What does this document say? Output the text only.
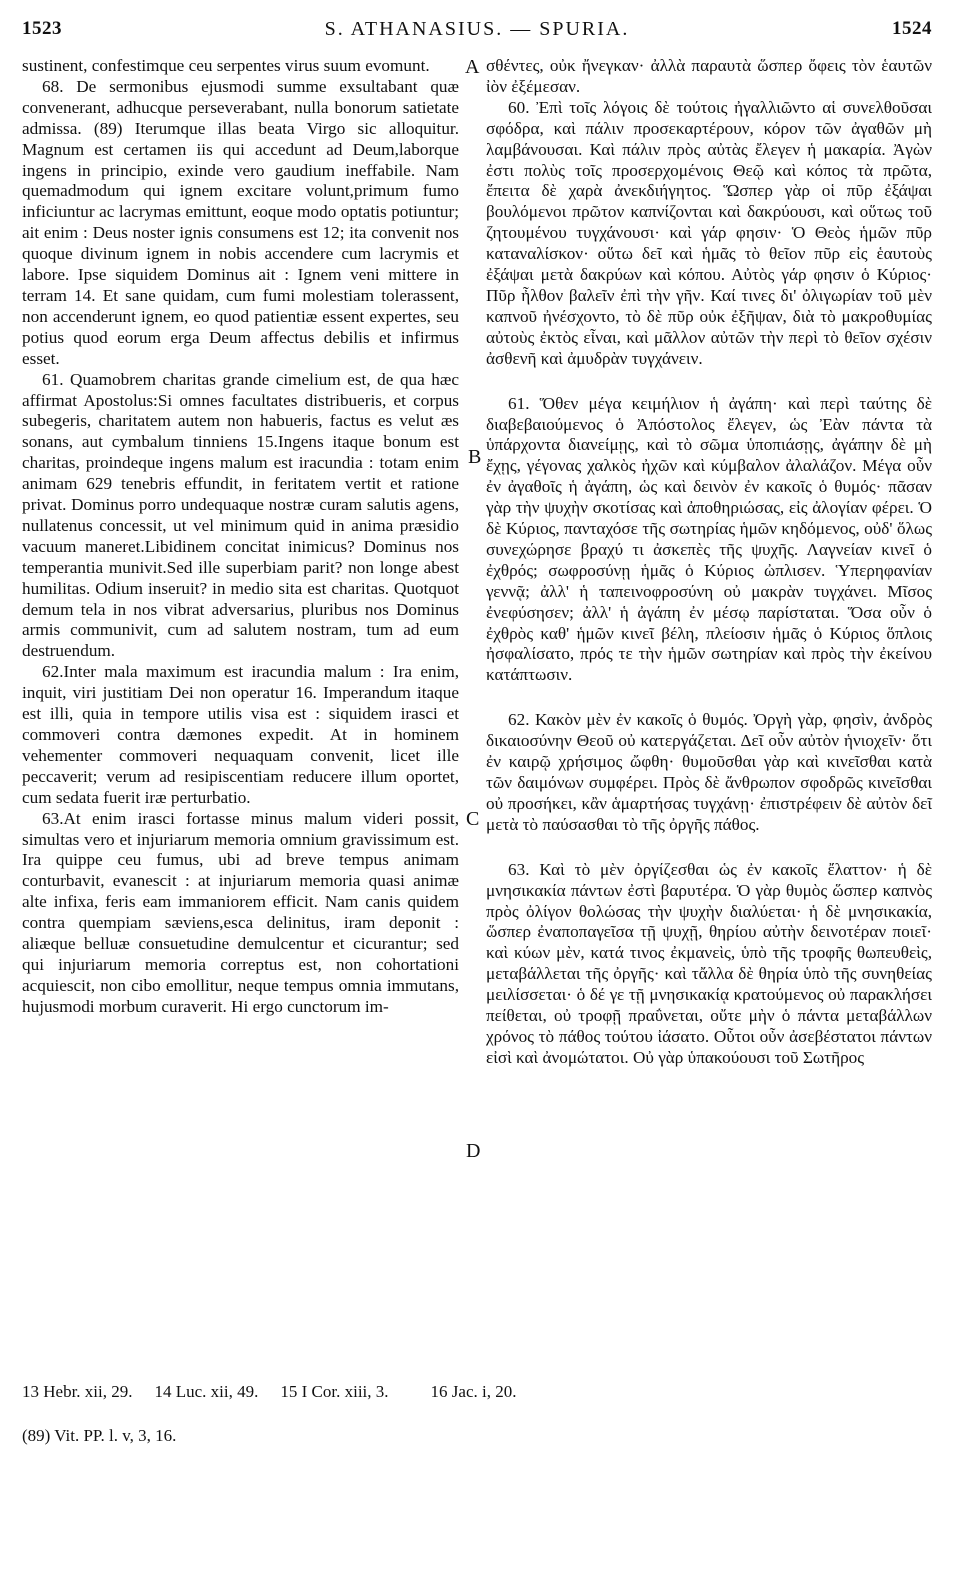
1523	S. ATHANASIUS. — SPURIA.	1524

sustinent, confestimque ceu serpentes virus suum evomunt.

68. De sermonibus ejusmodi summe exsultabant quæ convenerant, adhucque perseverabant, nulla bonorum satietate admissa. (89) Iterumque illas beata Virgo sic alloquitur. Magnum est certamen iis qui accedunt ad Deum,laborque ingens in principio, exinde vero gaudium ineffabile. Nam quemadmodum qui ignem excitare volunt,primum fumo inficiuntur ac lacrymas emittunt, eoque modo optatis potiuntur; ait enim : Deus noster ignis consumens est 12; ita convenit nos quoque divinum ignem in nobis accendere cum lacrymis et labore. Ipse siquidem Dominus ait : Ignem veni mittere in terram 14. Et sane quidam, cum fumi molestiam tolerassent, non accenderunt ignem, eo quod patientiæ essent expertes, seu potius quod eorum erga Deum affectus debilis et infirmus esset.

61. Quamobrem charitas grande cimelium est, de qua hæc affirmat Apostolus:Si omnes facultates distribueris, et corpus subegeris, charitatem autem non habueris, factus es velut æs sonans, aut cymbalum tinniens 15.Ingens itaque bonum est charitas, proindeque ingens malum est iracundia : totam enim animam 629 tenebris effundit, in feritatem vertit et ratione privat. Dominus porro undequaque nostræ curam salutis agens, nullatenus concessit, ut vel minimum quid in anima præsidio vacuum maneret.Libidinem concitat inimicus? Dominus nos temperantia munivit.Sed ille superbiam parit? non longe abest humilitas. Odium inseruit? in medio sita est charitas. Quotquot demum tela in nos vibrat adversarius, pluribus nos Dominus armis communivit, cum ad salutem nostram, tum ad eum destruendum.

62.Inter mala maximum est iracundia malum : Ira enim, inquit, viri justitiam Dei non operatur 16. Imperandum itaque est illi, quia in tempore utilis visa est : siquidem irasci et commoveri contra dæmones expedit. At in hominem vehementer commoveri nequaquam convenit, licet ille peccaverit; verum ad resipiscentiam reducere illum oportet, cum sedata fuerit iræ perturbatio.

63.At enim irasci fortasse minus malum videri possit, simultas vero et injuriarum memoria omnium gravissimum est. Ira quippe ceu fumus, ubi ad breve tempus animam conturbavit, evanescit : at injuriarum memoria quasi animæ alte infixa, feris eam immaniorem efficit. Nam canis quidem contra quempiam sæviens,esca delinitus, iram deponit : aliæque belluæ consuetudine demulcentur et cicurantur; sed qui injuriarum memoria correptus est, non cohortationi acquiescit, non cibo emollitur, neque tempus omnia immutans, hujusmodi morbum curaverit. Hi ergo cunctorum im-

A
B
C
D

σθέντες, οὐκ ἤνεγκαν· ἀλλὰ παραυτὰ ὥσπερ ὄφεις τὸν ἑαυτῶν ἰὸν ἐξέμεσαν.

60. Ἐπὶ τοῖς λόγοις δὲ τούτοις ἠγαλλιῶντο αἱ συνελθοῦσαι σφόδρα, καὶ πάλιν προσεκαρτέρουν, κόρον τῶν ἀγαθῶν μὴ λαμβάνουσαι. Καὶ πάλιν πρὸς αὐτὰς ἔλεγεν ἡ μακαρία. Ἀγὼν ἐστι πολὺς τοῖς προσερχομένοις Θεῷ καὶ κόπος τὰ πρῶτα, ἔπειτα δὲ χαρὰ ἀνεκδιήγητος. Ὥσπερ γὰρ οἱ πῦρ ἐξάψαι βουλόμενοι πρῶτον καπνίζονται καὶ δακρύουσι, καὶ οὕτως τοῦ ζητουμένου τυγχάνουσι· καὶ γάρ φησιν· Ὁ Θεὸς ἡμῶν πῦρ καταναλίσκον· οὕτω δεῖ καὶ ἡμᾶς τὸ θεῖον πῦρ εἰς ἑαυτοὺς ἐξάψαι μετὰ δακρύων καὶ κόπου. Αὐτὸς γάρ φησιν ὁ Κύριος· Πῦρ ἦλθον βαλεῖν ἐπὶ τὴν γῆν. Καί τινες δι' ὀλιγωρίαν τοῦ μὲν καπνοῦ ἠνέσχοντο, τὸ δὲ πῦρ οὐκ ἐξῆψαν, διὰ τὸ μακροθυμίας αὐτοὺς ἐκτὸς εἶναι, καὶ μᾶλλον αὐτῶν τὴν περὶ τὸ θεῖον σχέσιν ἀσθενῆ καὶ ἀμυδρὰν τυγχάνειν.

61. Ὅθεν μέγα κειμήλιον ἡ ἀγάπη· καὶ περὶ ταύτης δὲ διαβεβαιούμενος ὁ Ἀπόστολος ἔλεγεν, ὡς Ἐὰν πάντα τὰ ὑπάρχοντα διανείμῃς, καὶ τὸ σῶμα ὑποπιάσῃς, ἀγάπην δὲ μὴ ἔχῃς, γέγονας χαλκὸς ἠχῶν καὶ κύμβαλον ἀλαλάζον. Μέγα οὖν ἐν ἀγαθοῖς ἡ ἀγάπη, ὡς καὶ δεινὸν ἐν κακοῖς ὁ θυμός· πᾶσαν γὰρ τὴν ψυχὴν σκοτίσας καὶ ἀποθηριώσας, εἰς ἀλογίαν φέρει. Ὁ δὲ Κύριος, πανταχόσε τῆς σωτηρίας ἡμῶν κηδόμενος, οὐδ' ὅλως συνεχώρησε βραχύ τι ἀσκεπὲς τῆς ψυχῆς. Λαγνείαν κινεῖ ὁ ἐχθρός; σωφροσύνῃ ἡμᾶς ὁ Κύριος ὠπλισεν. Ὑπερηφανίαν γεννᾷ; ἀλλ' ἡ ταπεινοφροσύνη οὐ μακρὰν τυγχάνει. Μῖσος ἐνεφύσησεν; ἀλλ' ἡ ἀγάπη ἐν μέσῳ παρίσταται. Ὅσα οὖν ὁ ἐχθρὸς καθ' ἡμῶν κινεῖ βέλη, πλείοσιν ἡμᾶς ὁ Κύριος ὅπλοις ἠσφαλίσατο, πρός τε τὴν ἡμῶν σωτηρίαν καὶ πρὸς τὴν ἐκείνου κατάπτωσιν.

62. Κακὸν μὲν ἐν κακοῖς ὁ θυμός. Ὀργὴ γὰρ, φησὶν, ἀνδρὸς δικαιοσύνην Θεοῦ οὐ κατεργάζεται. Δεῖ οὖν αὐτὸν ἡνιοχεῖν· ὅτι ἐν καιρῷ χρήσιμος ὤφθη· θυμοῦσθαι γὰρ καὶ κινεῖσθαι κατὰ τῶν δαιμόνων συμφέρει. Πρὸς δὲ ἄνθρωπον σφοδρῶς κινεῖσθαι οὐ προσήκει, κἂν ἁμαρτήσας τυγχάνῃ· ἐπιστρέφειν δὲ αὐτὸν δεῖ μετὰ τὸ παύσασθαι τὸ τῆς ὀργῆς πάθος.

63. Καὶ τὸ μὲν ὀργίζεσθαι ὡς ἐν κακοῖς ἔλαττον· ἡ δὲ μνησικακία πάντων ἐστὶ βαρυτέρα. Ὁ γὰρ θυμὸς ὥσπερ καπνὸς πρὸς ὀλίγον θολώσας τὴν ψυχὴν διαλύεται· ἡ δὲ μνησικακία, ὥσπερ ἐναποπαγεῖσα τῇ ψυχῇ, θηρίου αὐτὴν δεινοτέραν ποιεῖ· καὶ κύων μὲν, κατά τινος ἐκμανεὶς, ὑπὸ τῆς τροφῆς θωπευθεὶς, μεταβάλλεται τῆς ὀργῆς· καὶ τἄλλα δὲ θηρία ὑπὸ τῆς συνηθείας μειλίσσεται· ὁ δέ γε τῇ μνησικακίᾳ κρατούμενος οὐ παρακλήσει πείθεται, οὐ τροφῇ πραΰνεται, οὔτε μὴν ὁ πάντα μεταβάλλων χρόνος τὸ πάθος τούτου ἰάσατο. Οὗτοι οὖν ἀσεβέστατοι πάντων εἰσὶ καὶ ἀνομώτατοι. Οὐ γὰρ ὑπακούουσι τοῦ Σωτῆρος

13 Hebr. xii, 29. 14 Luc. xii, 49. 15 I Cor. xiii, 3. 16 Jac. i, 20.
(89) Vit. PP. l. v, 3, 16.
